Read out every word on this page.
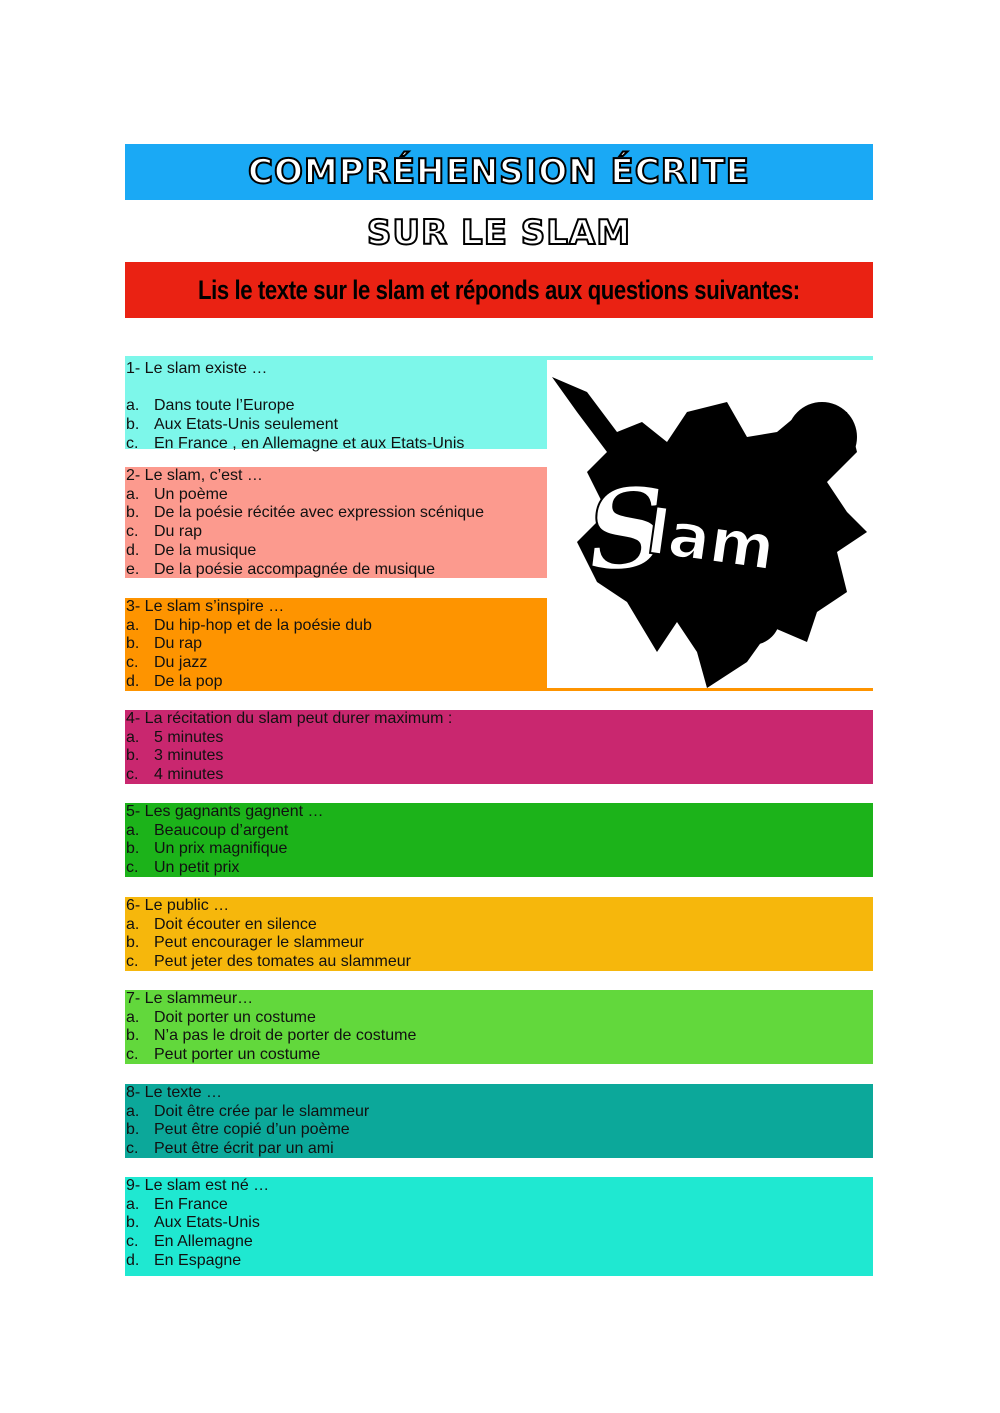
COMPRÉHENSION ÉCRITE
SUR LE SLAM
Lis le texte sur le slam et réponds aux questions suivantes:
1- Le slam existe …
a. Dans toute l’Europe
b. Aux Etats-Unis seulement
c. En France , en Allemagne et aux Etats-Unis
2- Le slam, c’est …
a. Un poème
b. De la poésie récitée avec expression scénique
c. Du rap
d. De la musique
e. De la poésie accompagnée de musique
3- Le slam s’inspire …
a. Du hip-hop et de la poésie dub
b. Du rap
c. Du jazz
d. De la pop
4- La récitation du slam peut durer maximum :
a. 5 minutes
b. 3 minutes
c. 4 minutes
5- Les gagnants gagnent …
a. Beaucoup d’argent
b. Un prix magnifique
c. Un petit prix
6- Le public …
a. Doit écouter en silence
b. Peut encourager le slammeur
c. Peut jeter des tomates au slammeur
7- Le slammeur…
a. Doit porter un costume
b. N’a pas le droit de porter de costume
c. Peut porter un costume
8- Le texte …
a. Doit être crée par le slammeur
b. Peut être copié d’un poème
c. Peut être écrit par un ami
9- Le slam est né …
a. En France
b. Aux Etats-Unis
c. En Allemagne
d. En Espagne
S
lam
